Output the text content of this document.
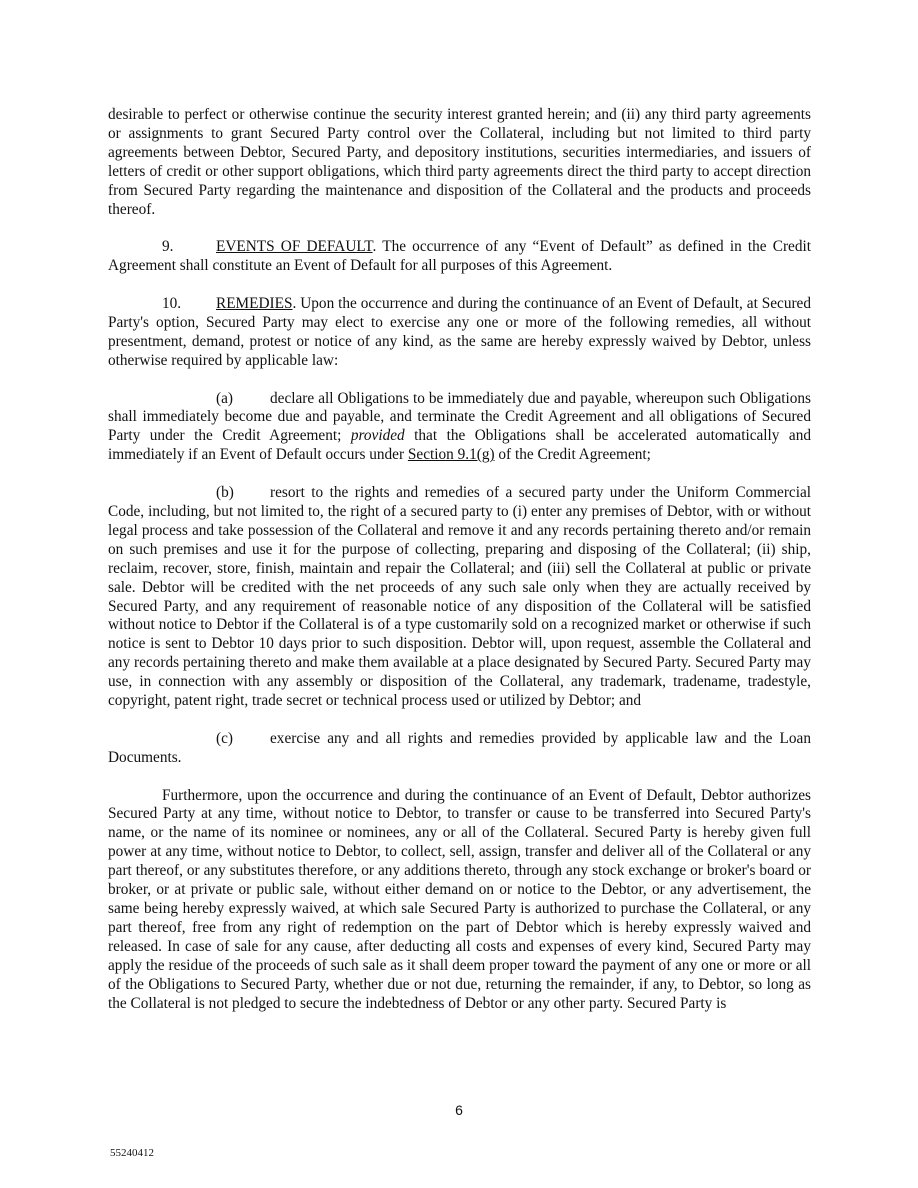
desirable to perfect or otherwise continue the security interest granted herein; and (ii) any third party agreements or assignments to grant Secured Party control over the Collateral, including but not limited to third party agreements between Debtor, Secured Party, and depository institutions, securities intermediaries, and issuers of letters of credit or other support obligations, which third party agreements direct the third party to accept direction from Secured Party regarding the maintenance and disposition of the Collateral and the products and proceeds thereof.

9.	EVENTS OF DEFAULT. The occurrence of any “Event of Default” as defined in the Credit Agreement shall constitute an Event of Default for all purposes of this Agreement.

10. REMEDIES. Upon the occurrence and during the continuance of an Event of Default, at Secured Party's option, Secured Party may elect to exercise any one or more of the following remedies, all without presentment, demand, protest or notice of any kind, as the same are hereby expressly waived by Debtor, unless otherwise required by applicable law:

(a) declare all Obligations to be immediately due and payable, whereupon such Obligations shall immediately become due and payable, and terminate the Credit Agreement and all obligations of Secured Party under the Credit Agreement; provided that the Obligations shall be accelerated automatically and immediately if an Event of Default occurs under Section 9.1(g) of the Credit Agreement;

(b) resort to the rights and remedies of a secured party under the Uniform Commercial Code, including, but not limited to, the right of a secured party to (i) enter any premises of Debtor, with or without legal process and take possession of the Collateral and remove it and any records pertaining thereto and/or remain on such premises and use it for the purpose of collecting, preparing and disposing of the Collateral; (ii) ship, reclaim, recover, store, finish, maintain and repair the Collateral; and (iii) sell the Collateral at public or private sale. Debtor will be credited with the net proceeds of any such sale only when they are actually received by Secured Party, and any requirement of reasonable notice of any disposition of the Collateral will be satisfied without notice to Debtor if the Collateral is of a type customarily sold on a recognized market or otherwise if such notice is sent to Debtor 10 days prior to such disposition. Debtor will, upon request, assemble the Collateral and any records pertaining thereto and make them available at a place designated by Secured Party. Secured Party may use, in connection with any assembly or disposition of the Collateral, any trademark, tradename, tradestyle, copyright, patent right, trade secret or technical process used or utilized by Debtor; and

(c) exercise any and all rights and remedies provided by applicable law and the Loan Documents.

Furthermore, upon the occurrence and during the continuance of an Event of Default, Debtor authorizes Secured Party at any time, without notice to Debtor, to transfer or cause to be transferred into Secured Party's name, or the name of its nominee or nominees, any or all of the Collateral. Secured Party is hereby given full power at any time, without notice to Debtor, to collect, sell, assign, transfer and deliver all of the Collateral or any part thereof, or any substitutes therefore, or any additions thereto, through any stock exchange or broker's board or broker, or at private or public sale, without either demand on or notice to the Debtor, or any advertisement, the same being hereby expressly waived, at which sale Secured Party is authorized to purchase the Collateral, or any part thereof, free from any right of redemption on the part of Debtor which is hereby expressly waived and released. In case of sale for any cause, after deducting all costs and expenses of every kind, Secured Party may apply the residue of the proceeds of such sale as it shall deem proper toward the payment of any one or more or all of the Obligations to Secured Party, whether due or not due, returning the remainder, if any, to Debtor, so long as the Collateral is not pledged to secure the indebtedness of Debtor or any other party. Secured Party is

6
55240412
